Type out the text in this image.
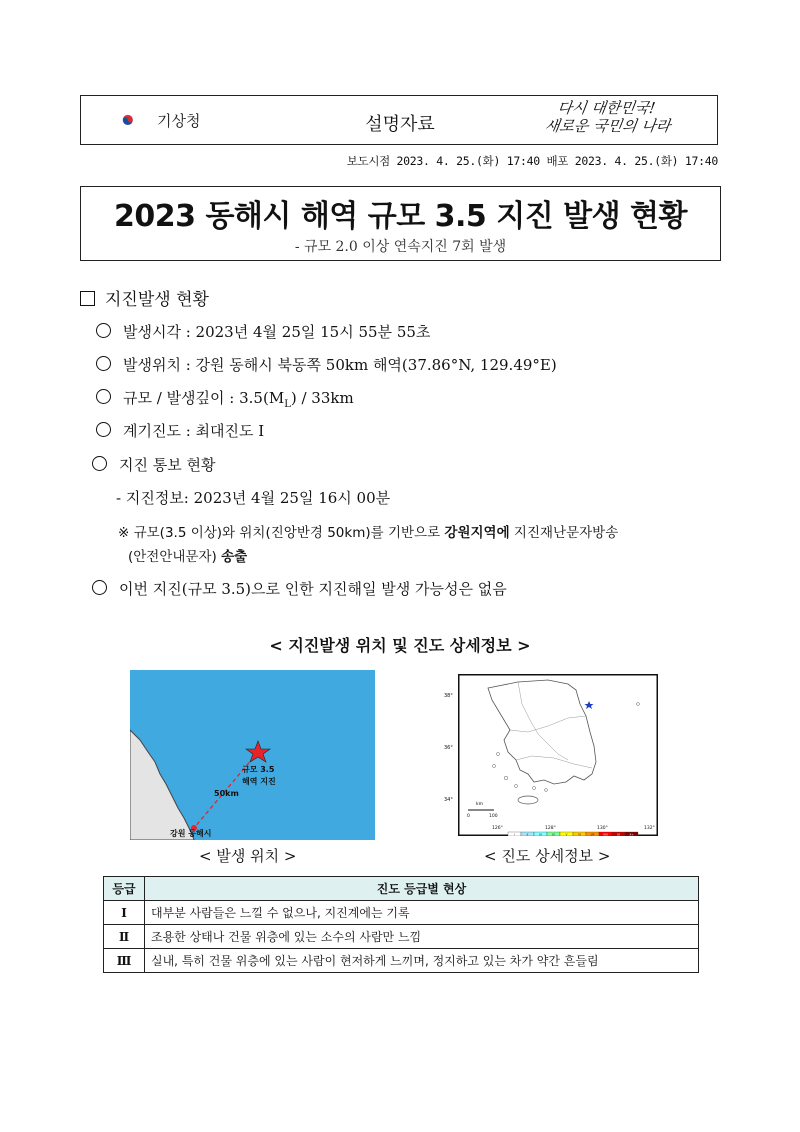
기상청	설명자료
다시 대한민국!
새로운 국민의 나라
보도시점 2023. 4. 25.(화) 17:40 배포 2023. 4. 25.(화) 17:40
2023 동해시 해역 규모 3.5 지진 발생 현황
- 규모 2.0 이상 연속지진 7회 발생
지진발생 현황
발생시각 : 2023년 4월 25일 15시 55분 55초
발생위치 : 강원 동해시 북동쪽 50km 해역(37.86°N, 129.49°E)
규모 / 발생깊이 : $3.5(M_L) / 33km$
계기진도 : 최대진도 Ⅰ
지진 통보 현황
- 지진정보: 2023년 4월 25일 16시 00분
※ 규모(3.5 이상)와 위치(진앙반경 50km)를 기반으로 강원지역에 지진재난문자방송
(안전안내문자) 송출
이번 지진(규모 3.5)으로 인한 지진해일 발생 가능성은 없음
< 지진발생 위치 및 진도 상세정보 >
규모 3.5
해역 지진
50km
강원 동해시
< 발생 위치 >
km
0	100
126°	128°	130°	132°
I	II	III	IV	V	VI	VII	VIII	IX	X+
38°
36°
34°
< 진도 상세정보 >
등급	진도 등급별 현상
Ⅰ	대부분 사람들은 느낄 수 없으나, 지진계에는 기록
Ⅱ	조용한 상태나 건물 위층에 있는 소수의 사람만 느낌
Ⅲ	실내, 특히 건물 위층에 있는 사람이 현저하게 느끼며, 정지하고 있는 차가 약간 흔들림
